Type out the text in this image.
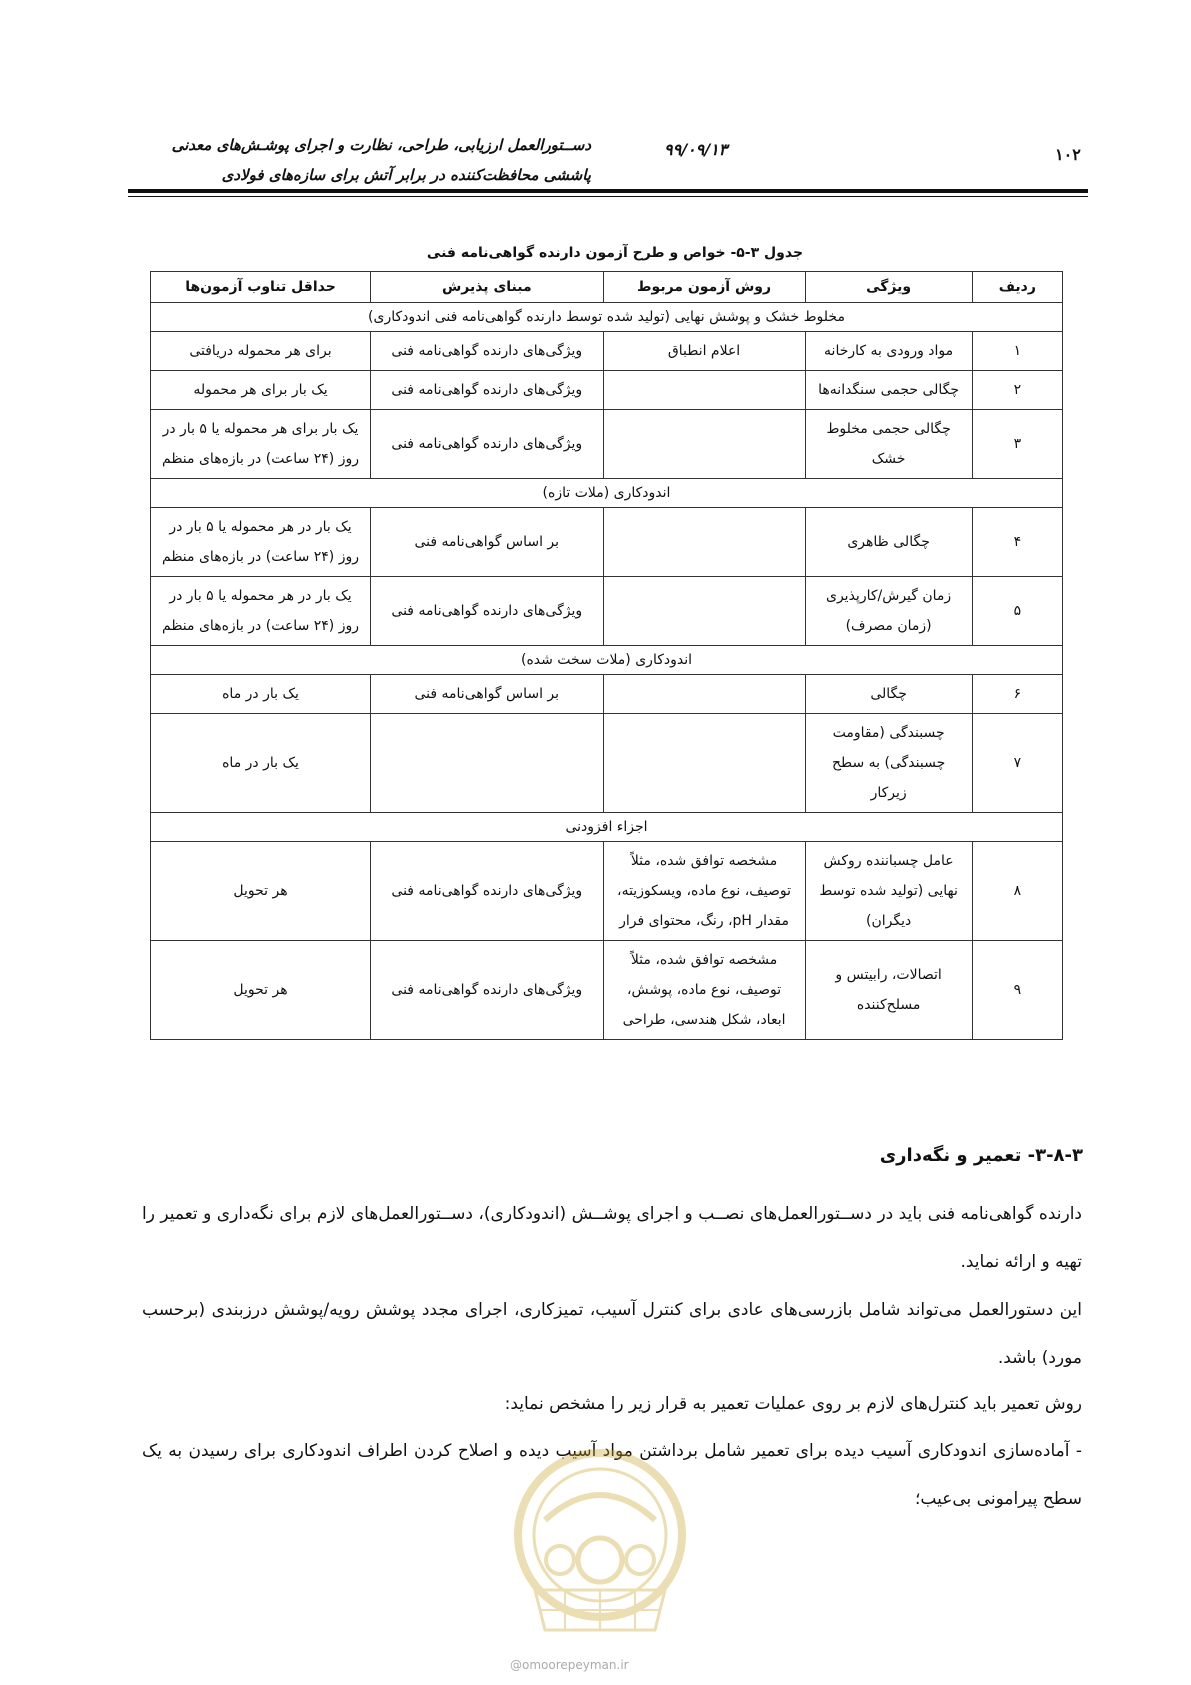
دســتورالعمل ارزیابی، طراحی، نظارت و اجرای پوشـش‌های معدنی
پاششی محافظت‌کننده در برابر آتش برای سازه‌های فولادی
۹۹/۰۹/۱۳	۱۰۲
جدول ۳-۵- خواص و طرح آزمون دارنده گواهی‌نامه فنی
ردیف	ویژگی	روش آزمون مربوط	مبنای پذیرش	حداقل تناوب آزمون‌ها
مخلوط خشک و پوشش نهایی (تولید شده توسط دارنده گواهی‌نامه فنی اندودکاری)				
۱	مواد ورودی به کارخانه	اعلام انطباق	ویژگی‌های دارنده گواهی‌نامه فنی	برای هر محموله دریافتی
۲	چگالی حجمی سنگدانه‌ها		ویژگی‌های دارنده گواهی‌نامه فنی	یک بار برای هر محموله
۳	چگالی حجمی مخلوط خشک		ویژگی‌های دارنده گواهی‌نامه فنی	یک بار برای هر محموله یا ۵ بار در روز (۲۴ ساعت) در بازه‌های منظم
اندودکاری (ملات تازه)				
۴	چگالی ظاهری		بر اساس گواهی‌نامه فنی	یک بار در هر محموله یا ۵ بار در روز (۲۴ ساعت) در بازه‌های منظم
۵	زمان گیرش/کارپذیری (زمان مصرف)		ویژگی‌های دارنده گواهی‌نامه فنی	یک بار در هر محموله یا ۵ بار در روز (۲۴ ساعت) در بازه‌های منظم
اندودکاری (ملات سخت شده)				
۶	چگالی		بر اساس گواهی‌نامه فنی	یک بار در ماه
۷	چسبندگی (مقاومت چسبندگی) به سطح زیرکار			یک بار در ماه
اجزاء افزودنی				
۸	عامل چسباننده روکش نهایی (تولید شده توسط دیگران)	مشخصه توافق شده، مثلاً توصیف، نوع ماده، ویسکوزیته، مقدار pH، رنگ، محتوای فرار	ویژگی‌های دارنده گواهی‌نامه فنی	هر تحویل
۹	اتصالات، رابیتس و مسلح‌کننده	مشخصه توافق شده، مثلاً توصیف، نوع ماده، پوشش، ابعاد، شکل هندسی، طراحی	ویژگی‌های دارنده گواهی‌نامه فنی	هر تحویل
۳-۸-۳- تعمیر و نگه‌داری
دارنده گواهی‌نامه فنی باید در دســتورالعمل‌های نصــب و اجرای پوشــش (اندودکاری)، دســتورالعمل‌های لازم برای نگه‌داری و تعمیر را تهیه و ارائه نماید.
این دستورالعمل می‌تواند شامل بازرسی‌های عادی برای کنترل آسیب، تمیزکاری، اجرای مجدد پوشش رویه/پوشش درزبندی (برحسب مورد) باشد.
روش تعمیر باید کنترل‌های لازم بر روی عملیات تعمیر به قرار زیر را مشخص نماید:
- آماده‌سازی اندودکاری آسیب دیده برای تعمیر شامل برداشتن مواد آسیب دیده و اصلاح کردن اطراف اندودکاری برای رسیدن به یک سطح پیرامونی بی‌عیب؛
@omoorepeyman.ir
